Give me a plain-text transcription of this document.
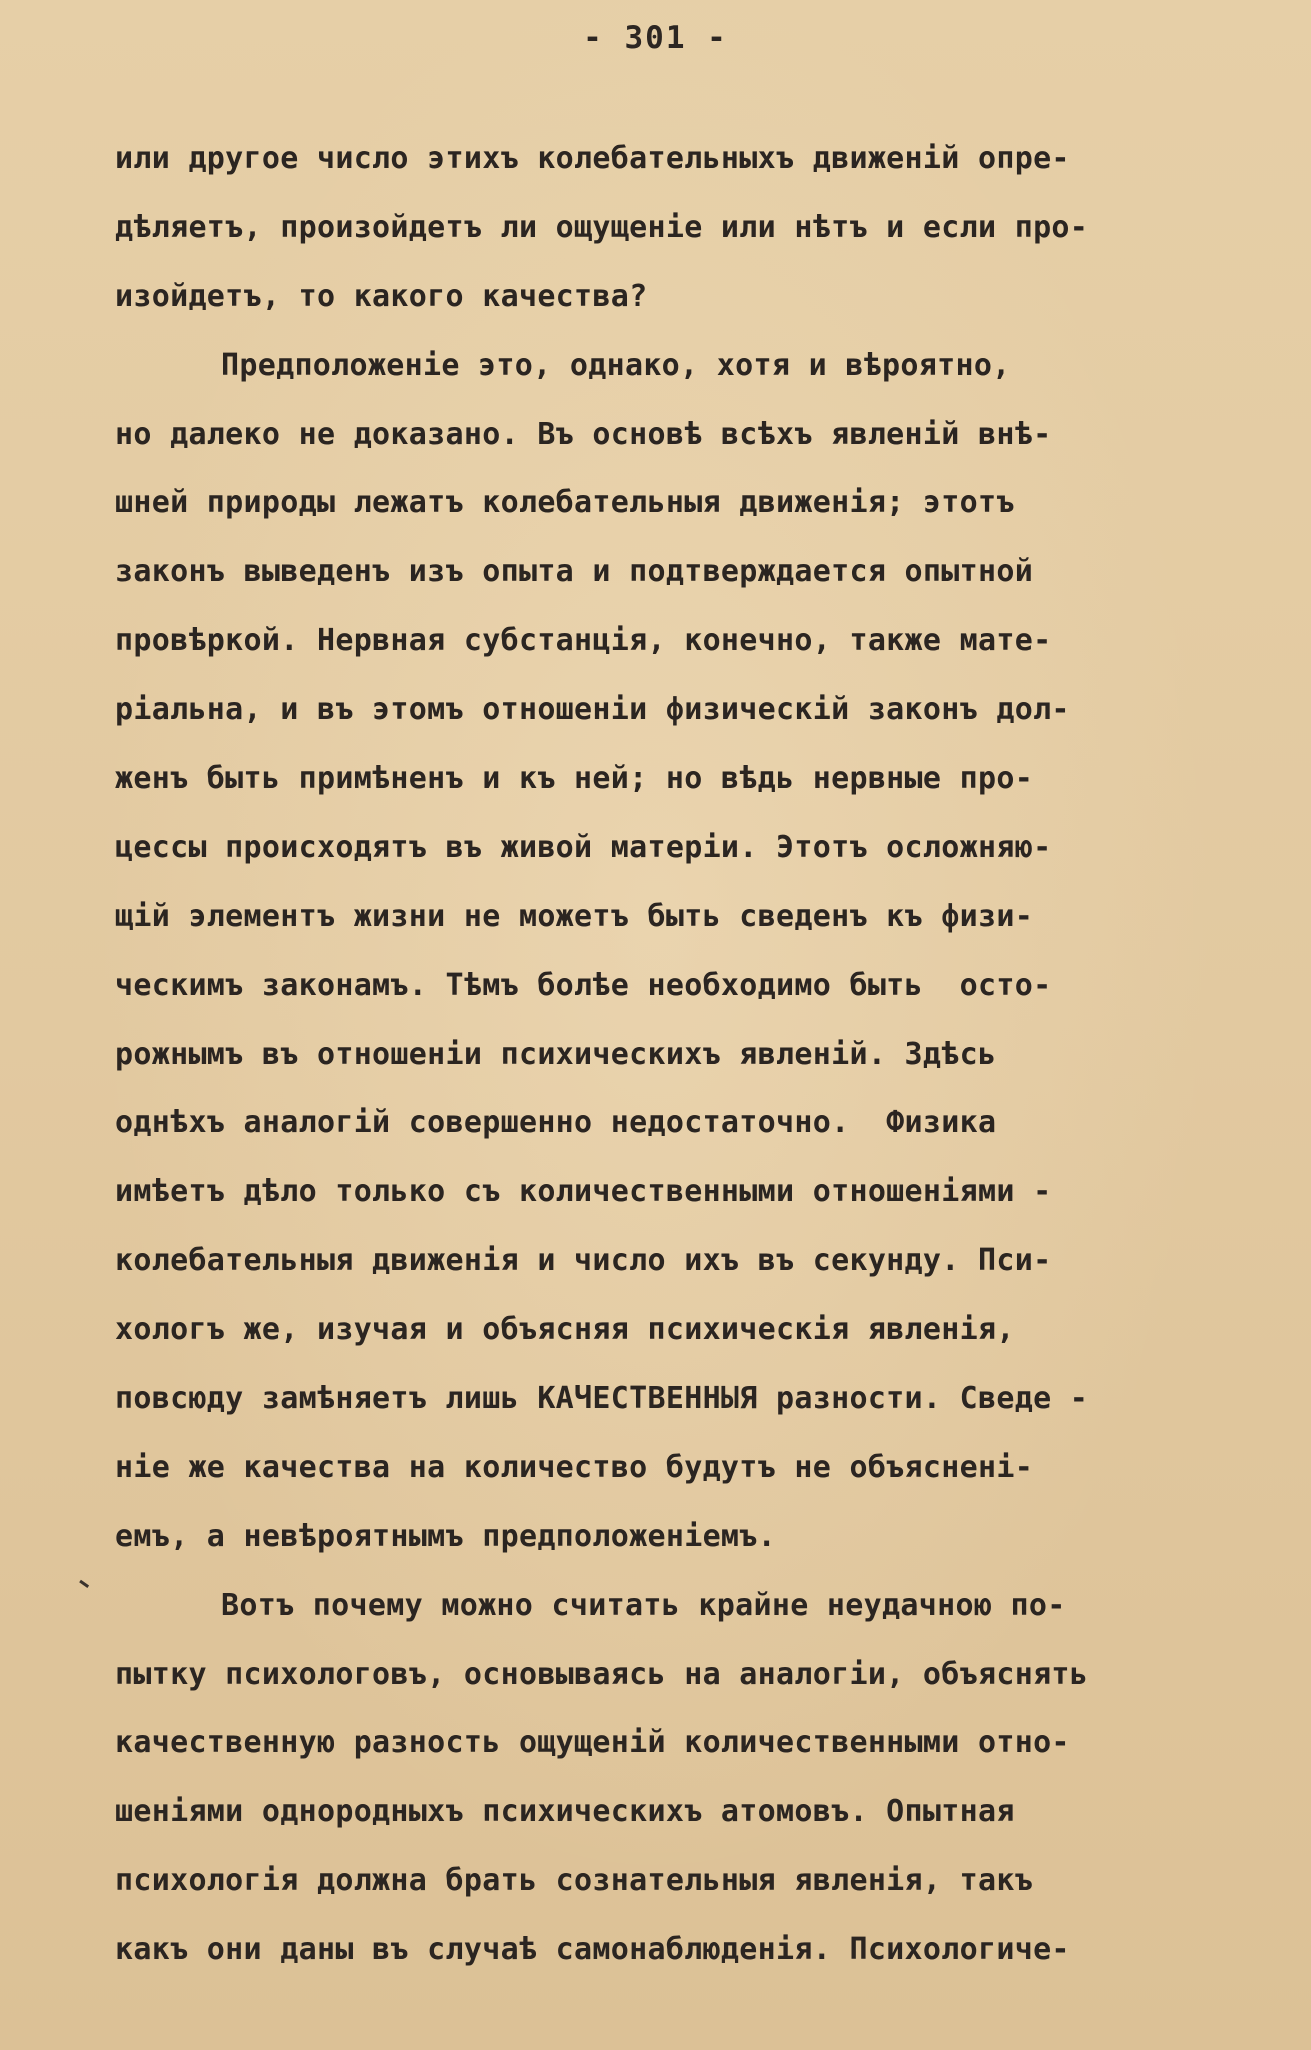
- 301 -
или другое число этихъ колебательныхъ движенiй опре-
дѣляетъ, произойдетъ ли ощущенiе или нѣтъ и если про-
изойдетъ, то какого качества?
Предположенiе это, однако, хотя и вѣроятно,
но далеко не доказано. Въ основѣ всѣхъ явленiй внѣ-
шней природы лежатъ колебательныя движенiя; этотъ
законъ выведенъ изъ опыта и подтверждается опытной
провѣркой. Нервная субстанцiя, конечно, также мате-
рiальна, и въ этомъ отношенiи физическiй законъ дол-
женъ быть примѣненъ и къ ней; но вѣдь нервные про-
цессы происходятъ въ живой матерiи. Этотъ осложняю-
щiй элементъ жизни не можетъ быть сведенъ къ физи-
ческимъ законамъ. Тѣмъ болѣе необходимо быть  осто-
рожнымъ въ отношенiи психическихъ явленiй. Здѣсь
однѣхъ аналогiй совершенно недостаточно.  Физика
имѣетъ дѣло только съ количественными отношенiями -
колебательныя движенiя и число ихъ въ секунду. Пси-
хологъ же, изучая и объясняя психическiя явленiя,
повсюду замѣняетъ лишь КАЧЕСТВЕННЫЯ разности. Сведе -
нiе же качества на количество будутъ не объясненi-
емъ, а невѣроятнымъ предположенiемъ.
Вотъ почему можно считать крайне неудачною по-
пытку психологовъ, основываясь на аналогiи, объяснять
качественную разность ощущенiй количественными отно-
шенiями однородныхъ психическихъ атомовъ. Опытная
психологiя должна брать сознательныя явленiя, такъ
какъ они даны въ случаѣ самонаблюденiя. Психологиче-
